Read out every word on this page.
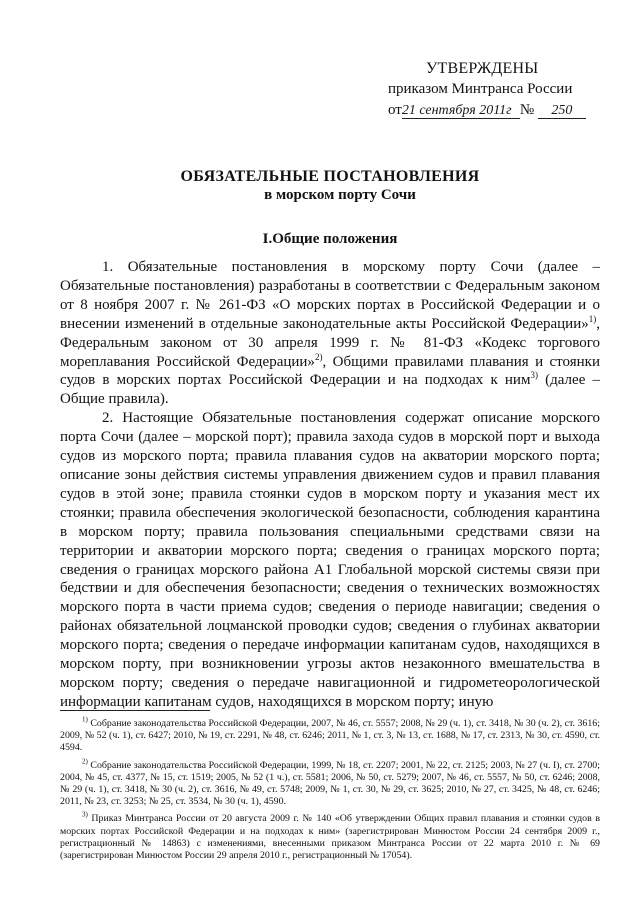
УТВЕРЖДЕНЫ
приказом Минтранса России
от21 сентября 2011г № 250
ОБЯЗАТЕЛЬНЫЕ ПОСТАНОВЛЕНИЯ
в морском порту Сочи
I.Общие положения

1. Обязательные постановления в морскому порту Сочи (далее – Обязательные постановления) разработаны в соответствии с Федеральным законом от 8 ноября 2007 г. № 261-ФЗ «О морских портах в Российской Федерации и о внесении изменений в отдельные законодательные акты Российской Федерации»$^{1)}$, Федеральным законом от 30 апреля 1999 г. № 81-ФЗ «Кодекс торгового мореплавания Российской Федерации»$^{2)}$, Общими правилами плавания и стоянки судов в морских портах Российской Федерации и на подходах к ним$^{3)}$ (далее – Общие правила).

2. Настоящие Обязательные постановления содержат описание морского порта Сочи (далее – морской порт); правила захода судов в морской порт и выхода судов из морского порта; правила плавания судов на акватории морского порта; описание зоны действия системы управления движением судов и правил плавания судов в этой зоне; правила стоянки судов в морском порту и указания мест их стоянки; правила обеспечения экологической безопасности, соблюдения карантина в морском порту; правила пользования специальными средствами связи на территории и акватории морского порта; сведения о границах морского порта; сведения о границах морского района А1 Глобальной морской системы связи при бедствии и для обеспечения безопасности; сведения о технических возможностях морского порта в части приема судов; сведения о периоде навигации; сведения о районах обязательной лоцманской проводки судов; сведения о глубинах акватории морского порта; сведения о передаче информации капитанам судов, находящихся в морском порту, при возникновении угрозы актов незаконного вмешательства в морском порту; сведения о передаче навигационной и гидрометеорологической информации капитанам судов, находящихся в морском порту; иную

$^{1)}$ Собрание законодательства Российской Федерации, 2007, № 46, ст. 5557; 2008, № 29 (ч. 1), ст. 3418, № 30 (ч. 2), ст. 3616; 2009, № 52 (ч. 1), ст. 6427; 2010, № 19, ст. 2291, № 48, ст. 6246; 2011, № 1, ст. 3, № 13, ст. 1688, № 17, ст. 2313, № 30, ст. 4590, ст. 4594.

$^{2)}$ Собрание законодательства Российской Федерации, 1999, № 18, ст. 2207; 2001, № 22, ст. 2125; 2003, № 27 (ч. I), ст. 2700; 2004, № 45, ст. 4377, № 15, ст. 1519; 2005, № 52 (1 ч.), ст. 5581; 2006, № 50, ст. 5279; 2007, № 46, ст. 5557, № 50, ст. 6246; 2008, № 29 (ч. 1), ст. 3418, № 30 (ч. 2), ст. 3616, № 49, ст. 5748; 2009, № 1, ст. 30, № 29, ст. 3625; 2010, № 27, ст. 3425, № 48, ст. 6246; 2011, № 23, ст. 3253; № 25, ст. 3534, № 30 (ч. 1), 4590.

$^{3)}$ Приказ Минтранса России от 20 августа 2009 г. № 140 «Об утверждении Общих правил плавания и стоянки судов в морских портах Российской Федерации и на подходах к ним» (зарегистрирован Минюстом России 24 сентября 2009 г., регистрационный № 14863) с изменениями, внесенными приказом Минтранса России от 22 марта 2010 г. № 69 (зарегистрирован Минюстом России 29 апреля 2010 г., регистрационный № 17054).
